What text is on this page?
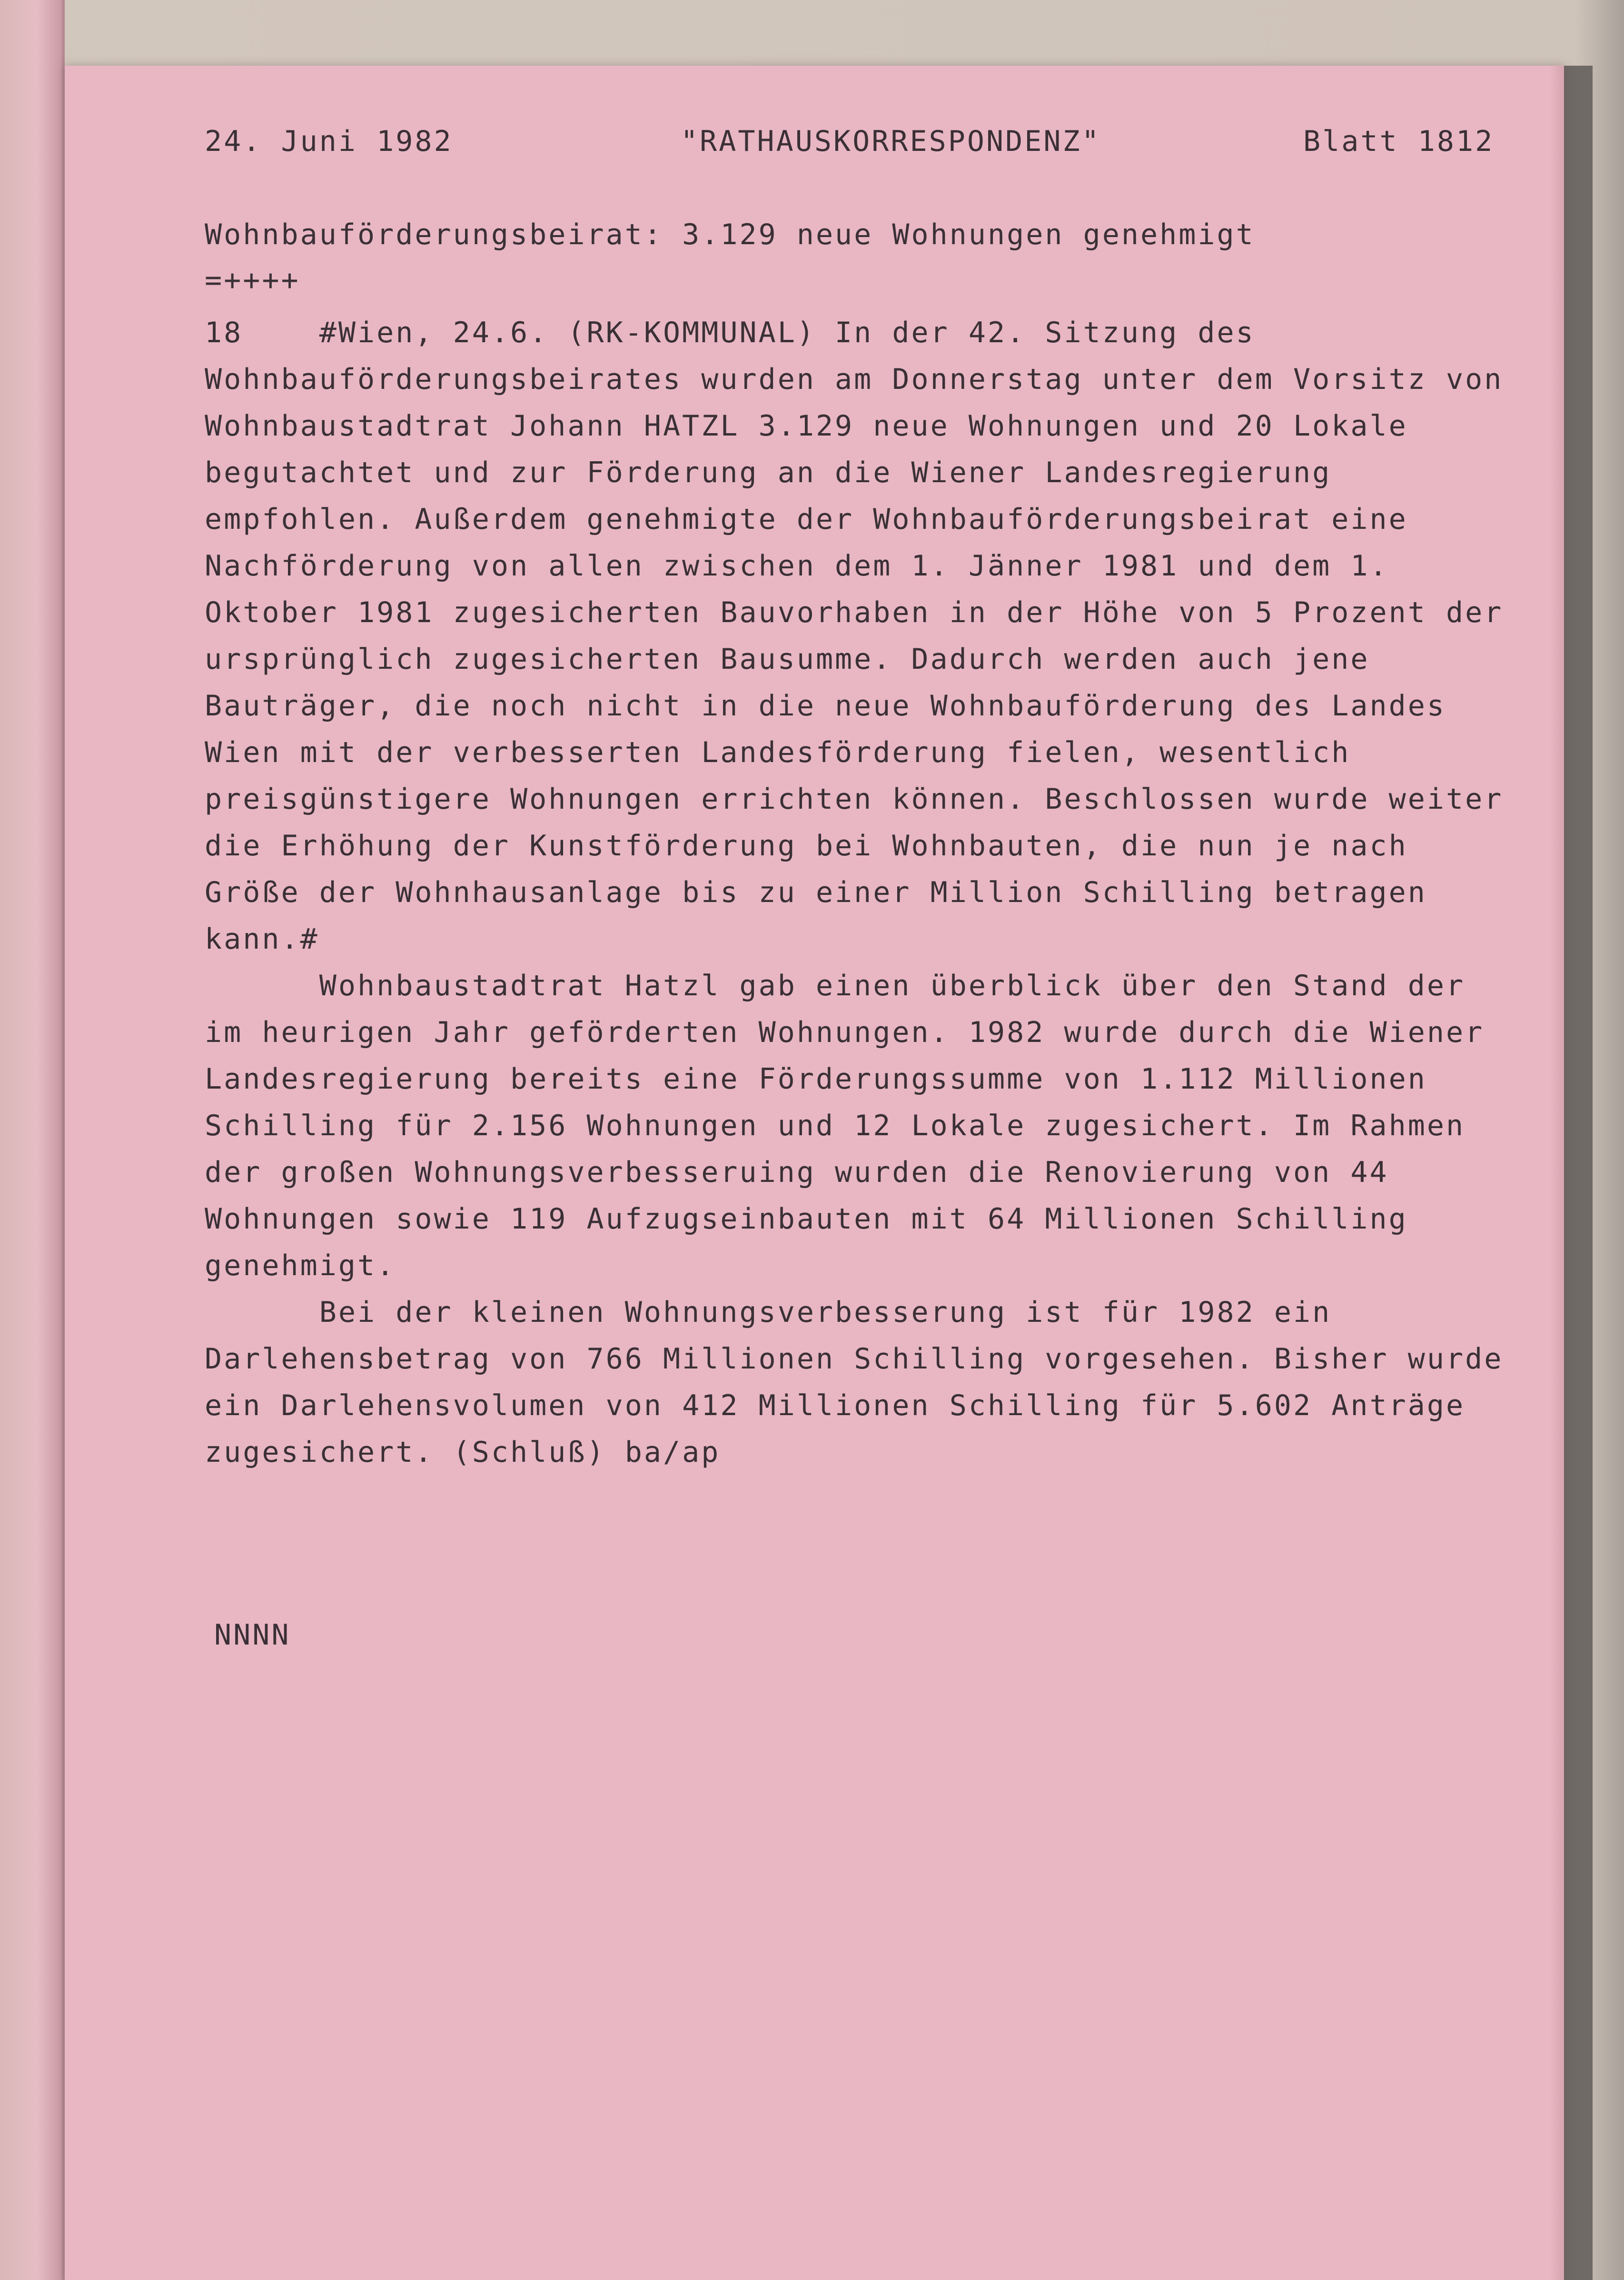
24. Juni 1982	"RATHAUSKORRESPONDENZ"	Blatt 1812
Wohnbauförderungsbeirat: 3.129 neue Wohnungen genehmigt
=++++
18    #Wien, 24.6. (RK-KOMMUNAL) In der 42. Sitzung des
Wohnbauförderungsbeirates wurden am Donnerstag unter dem Vorsitz von
Wohnbaustadtrat Johann HATZL 3.129 neue Wohnungen und 20 Lokale
begutachtet und zur Förderung an die Wiener Landesregierung
empfohlen. Außerdem genehmigte der Wohnbauförderungsbeirat eine
Nachförderung von allen zwischen dem 1. Jänner 1981 und dem 1.
Oktober 1981 zugesicherten Bauvorhaben in der Höhe von 5 Prozent der
ursprünglich zugesicherten Bausumme. Dadurch werden auch jene
Bauträger, die noch nicht in die neue Wohnbauförderung des Landes
Wien mit der verbesserten Landesförderung fielen, wesentlich
preisgünstigere Wohnungen errichten können. Beschlossen wurde weiter
die Erhöhung der Kunstförderung bei Wohnbauten, die nun je nach
Größe der Wohnhausanlage bis zu einer Million Schilling betragen
kann.#
Wohnbaustadtrat Hatzl gab einen überblick über den Stand der
im heurigen Jahr geförderten Wohnungen. 1982 wurde durch die Wiener
Landesregierung bereits eine Förderungssumme von 1.112 Millionen
Schilling für 2.156 Wohnungen und 12 Lokale zugesichert. Im Rahmen
der großen Wohnungsverbesseruing wurden die Renovierung von 44
Wohnungen sowie 119 Aufzugseinbauten mit 64 Millionen Schilling
genehmigt.
Bei der kleinen Wohnungsverbesserung ist für 1982 ein
Darlehensbetrag von 766 Millionen Schilling vorgesehen. Bisher wurde
ein Darlehensvolumen von 412 Millionen Schilling für 5.602 Anträge
zugesichert. (Schluß) ba/ap
NNNN
